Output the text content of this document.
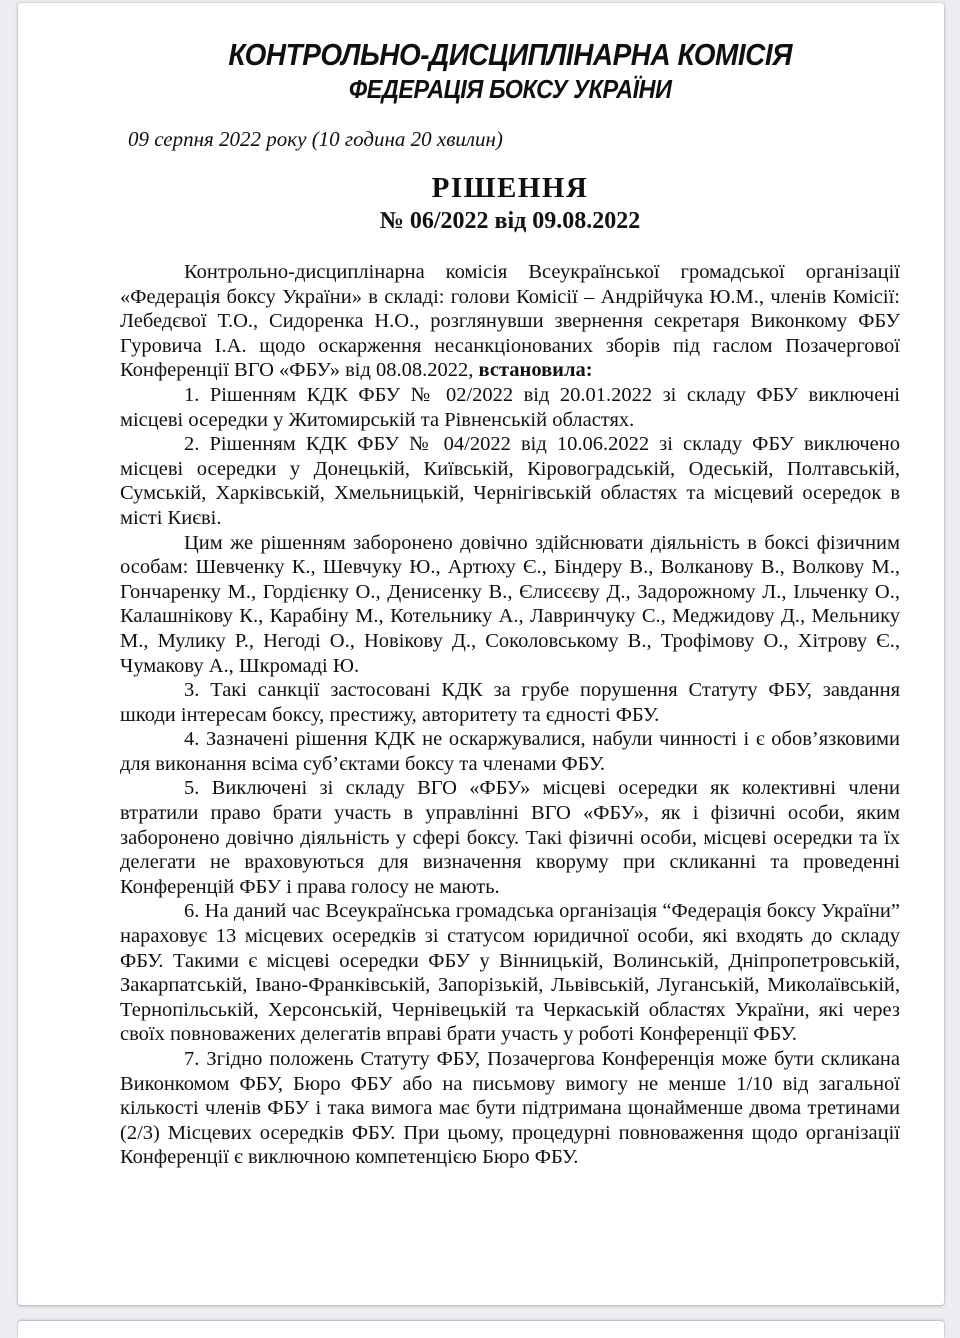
КОНТРОЛЬНО-ДИСЦИПЛІНАРНА КОМІСІЯ
ФЕДЕРАЦІЯ БОКСУ УКРАЇНИ
09 серпня 2022 року (10 година 20 хвилин)
РІШЕННЯ
№ 06/2022 від 09.08.2022

Контрольно-дисциплінарна комісія Всеукраїнської громадської організації «Федерація боксу України» в складі: голови Комісії – Андрійчука Ю.М., членів Комісії: Лебедєвої Т.О., Сидоренка Н.О., розглянувши звернення секретаря Виконкому ФБУ Гуровича І.А. щодо оскарження несанкціонованих зборів під гаслом Позачергової Конференції ВГО «ФБУ» від 08.08.2022, встановила:

1. Рішенням КДК ФБУ № 02/2022 від 20.01.2022 зі складу ФБУ виключені місцеві осередки у Житомирській та Рівненській областях.

2. Рішенням КДК ФБУ № 04/2022 від 10.06.2022 зі складу ФБУ виключено місцеві осередки у Донецькій, Київській, Кіровоградській, Одеській, Полтавській, Сумській, Харківській, Хмельницькій, Чернігівській областях та місцевий осередок в місті Києві.

Цим же рішенням заборонено довічно здійснювати діяльність в боксі фізичним особам: Шевченку К., Шевчуку Ю., Артюху Є., Біндеру В., Волканову В., Волкову М., Гончаренку М., Гордієнку О., Денисенку В., Єлисєєву Д., Задорожному Л., Ільченку О., Калашнікову К., Карабіну М., Котельнику А., Лавринчуку С., Меджидову Д., Мельнику М., Мулику Р., Негоді О., Новікову Д., Соколовському В., Трофімову О., Хітрову Є., Чумакову А., Шкромаді Ю.

3. Такі санкції застосовані КДК за грубе порушення Статуту ФБУ, завдання шкоди інтересам боксу, престижу, авторитету та єдності ФБУ.

4. Зазначені рішення КДК не оскаржувалися, набули чинності і є обов’язковими для виконання всіма суб’єктами боксу та членами ФБУ.

5. Виключені зі складу ВГО «ФБУ» місцеві осередки як колективні члени втратили право брати участь в управлінні ВГО «ФБУ», як і фізичні особи, яким заборонено довічно діяльність у сфері боксу. Такі фізичні особи, місцеві осередки та їх делегати не враховуються для визначення кворуму при скликанні та проведенні Конференцій ФБУ і права голосу не мають.

6. На даний час Всеукраїнська громадська організація “Федерація боксу України” нараховує 13 місцевих осередків зі статусом юридичної особи, які входять до складу ФБУ. Такими є місцеві осередки ФБУ у Вінницькій, Волинській, Дніпропетровській, Закарпатській, Івано-Франківській, Запорізькій, Львівській, Луганській, Миколаївській, Тернопільській, Херсонській, Чернівецькій та Черкаській областях України, які через своїх повноважених делегатів вправі брати участь у роботі Конференції ФБУ.

7. Згідно положень Статуту ФБУ, Позачергова Конференція може бути скликана Виконкомом ФБУ, Бюро ФБУ або на письмову вимогу не менше 1/10 від загальної кількості членів ФБУ і така вимога має бути підтримана щонайменше двома третинами (2/3) Місцевих осередків ФБУ. При цьому, процедурні повноваження щодо організації Конференції є виключною компетенцією Бюро ФБУ.
